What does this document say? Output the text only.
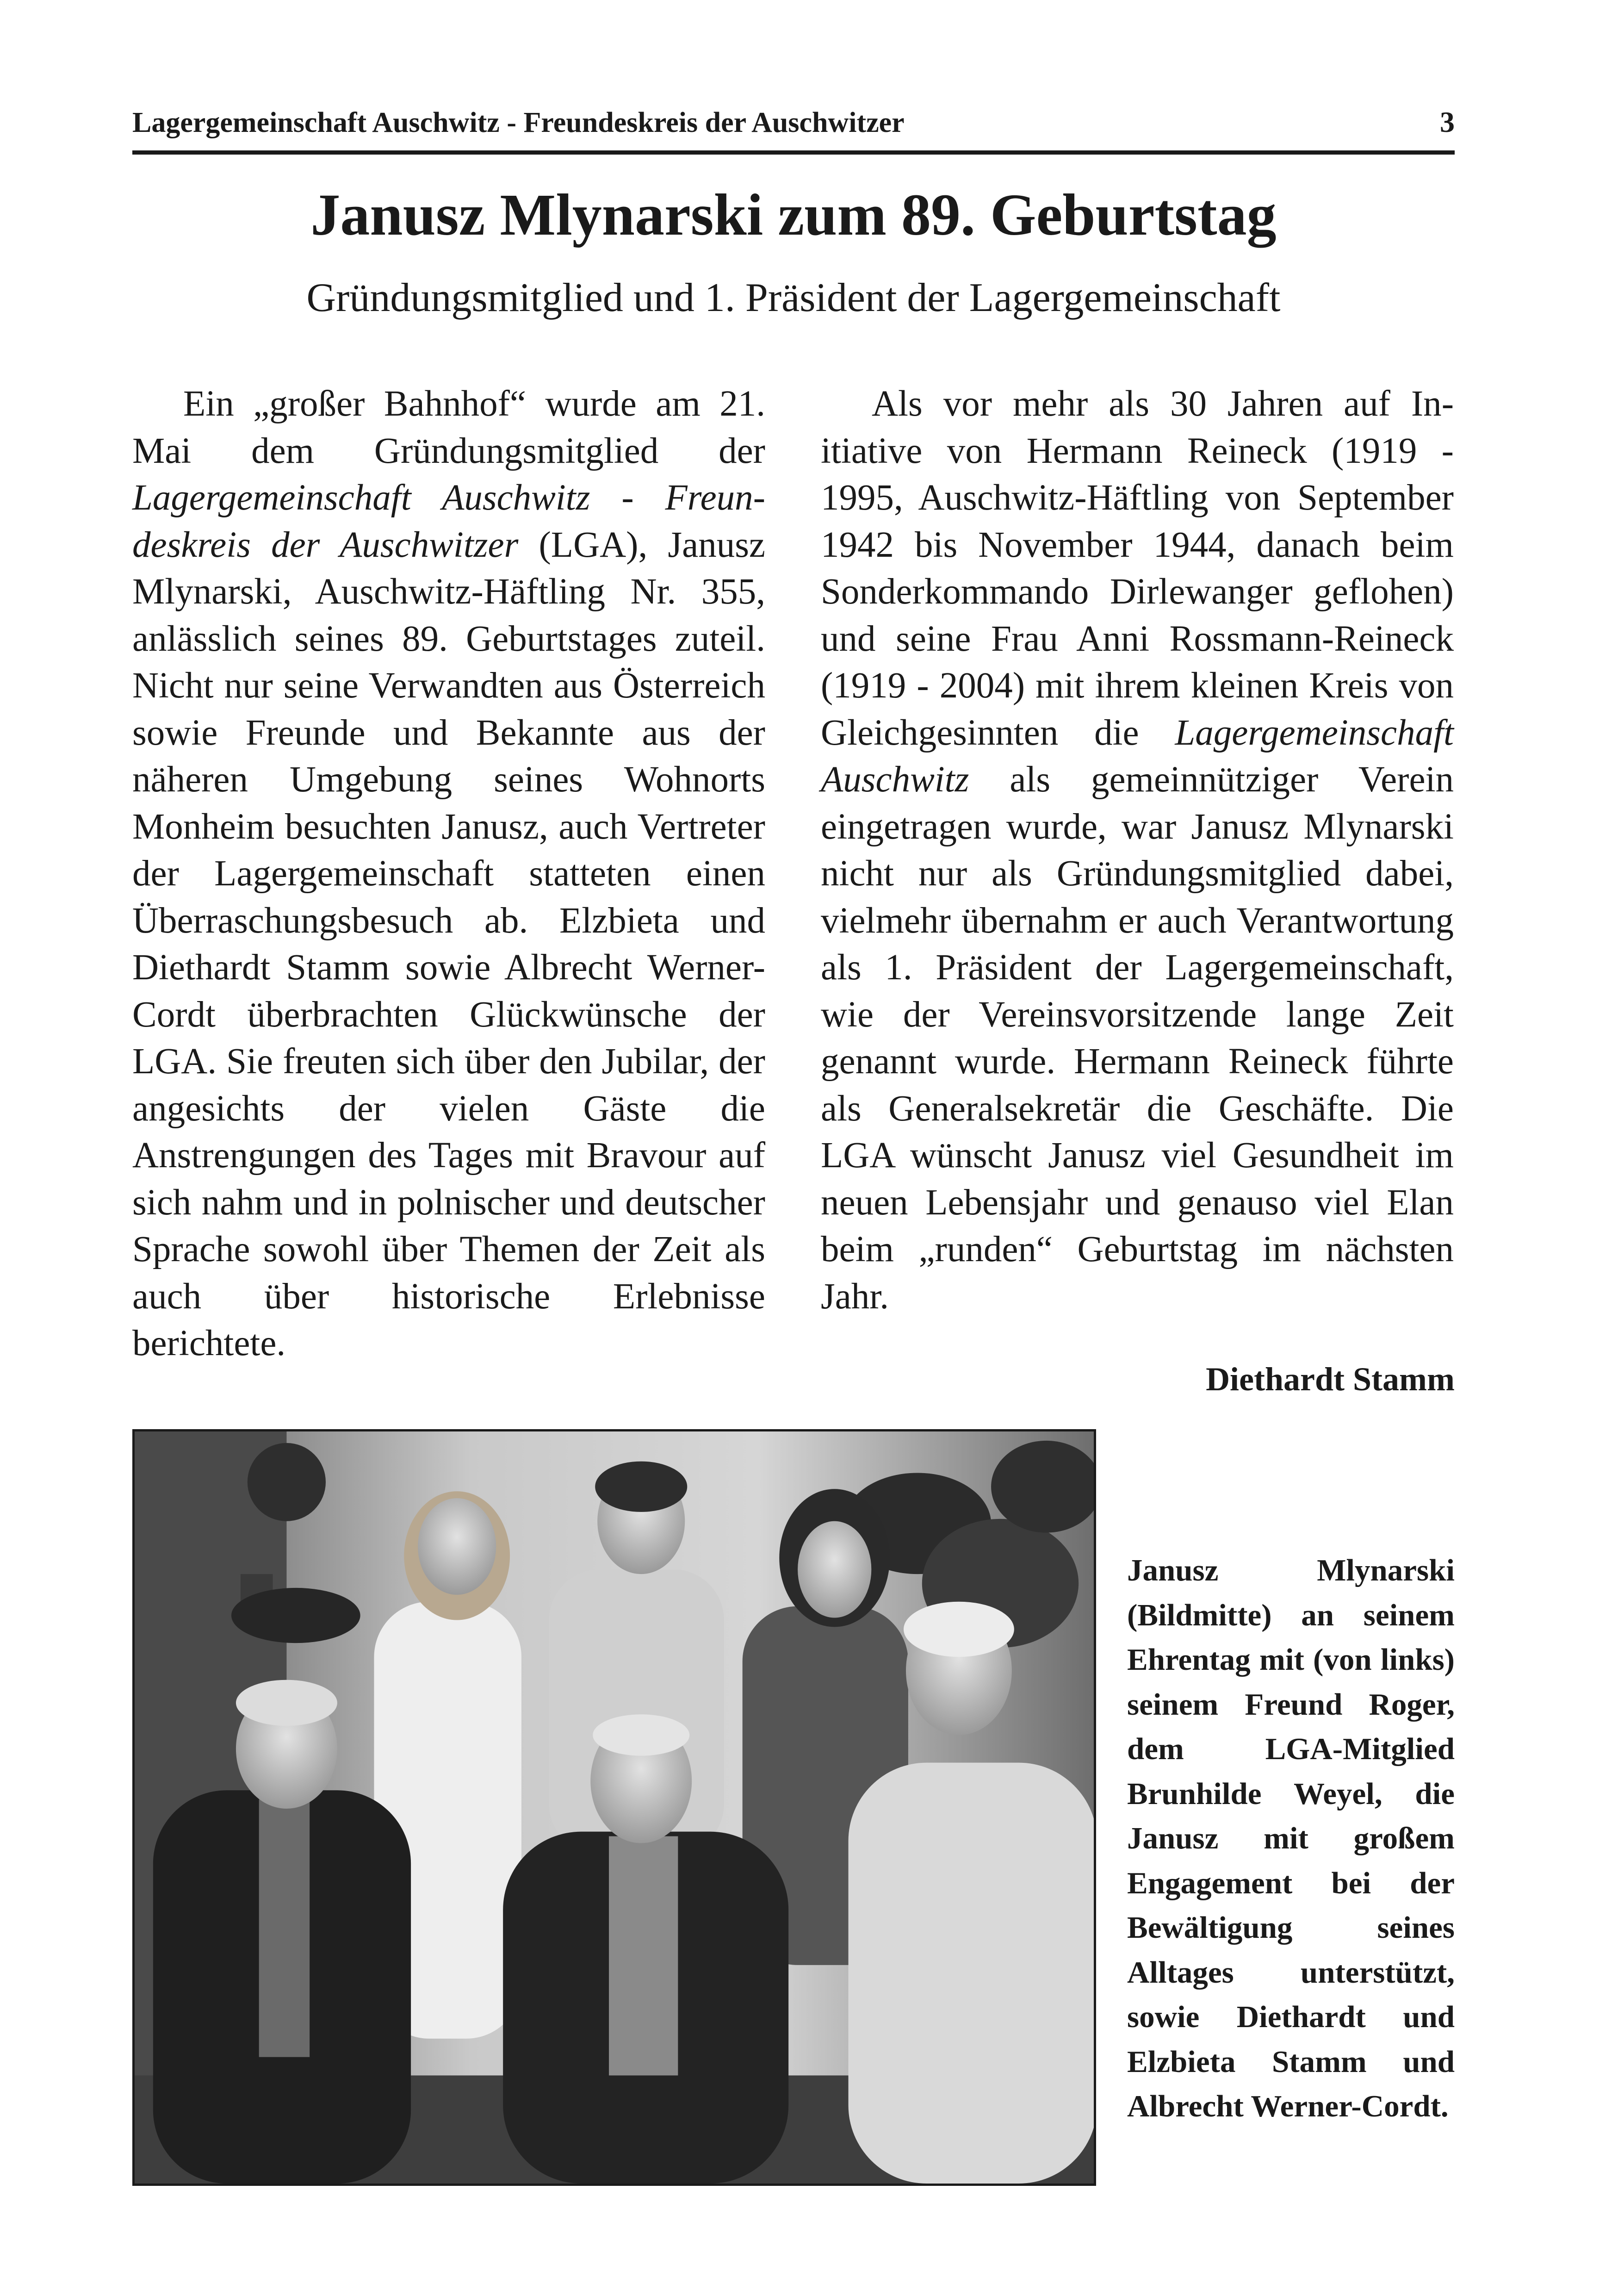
Lagergemeinschaft Auschwitz - Freundeskreis der Auschwitzer	3
Janusz Mlynarski zum 89. Geburtstag
Gründungsmitglied und 1. Präsident der Lagergemeinschaft

Ein „großer Bahnhof“ wurde am 21. Mai dem Gründungsmitglied der Lagergemeinschaft Auschwitz - Freundeskreis der Auschwitzer (LGA), Janusz Mlynarski, Auschwitz-Häftling Nr. 355, anlässlich seines 89. Geburtstages zuteil. Nicht nur seine Verwandten aus Österreich sowie Freunde und Bekannte aus der näheren Umgebung seines Wohnorts Monheim besuchten Janusz, auch Vertreter der Lagergemeinschaft statteten einen Überraschungsbesuch ab. Elzbieta und Diethardt Stamm sowie Albrecht Werner-Cordt überbrachten Glückwünsche der LGA. Sie freuten sich über den Jubilar, der angesichts der vielen Gäste die Anstrengungen des Tages mit Bravour auf sich nahm und in polnischer und deutscher Sprache sowohl über Themen der Zeit als auch über historische Erlebnisse berichtete.

Als vor mehr als 30 Jahren auf Initiative von Hermann Reineck (1919 - 1995, Auschwitz-Häftling von September 1942 bis November 1944, danach beim Sonderkommando Dirlewanger geflohen) und seine Frau Anni Rossmann-Reineck (1919 - 2004) mit ihrem kleinen Kreis von Gleichgesinnten die Lagergemeinschaft Auschwitz als gemeinnütziger Verein eingetragen wurde, war Janusz Mlynarski nicht nur als Gründungsmitglied dabei, vielmehr übernahm er auch Verantwortung als 1. Präsident der Lagergemeinschaft, wie der Vereinsvorsitzende lange Zeit genannt wurde. Hermann Reineck führte als Generalsekretär die Geschäfte. Die LGA wünscht Janusz viel Gesundheit im neuen Lebensjahr und genauso viel Elan beim „runden“ Geburtstag im nächsten Jahr.

Diethardt Stamm
Janusz Mlynarski (Bildmitte) an seinem Ehrentag mit (von links) seinem Freund Roger, dem LGA-Mitglied Brunhilde Weyel, die Janusz mit großem Engagement bei der Bewältigung seines Alltages unterstützt, sowie Diethardt und Elzbieta Stamm und Albrecht Werner-Cordt.
